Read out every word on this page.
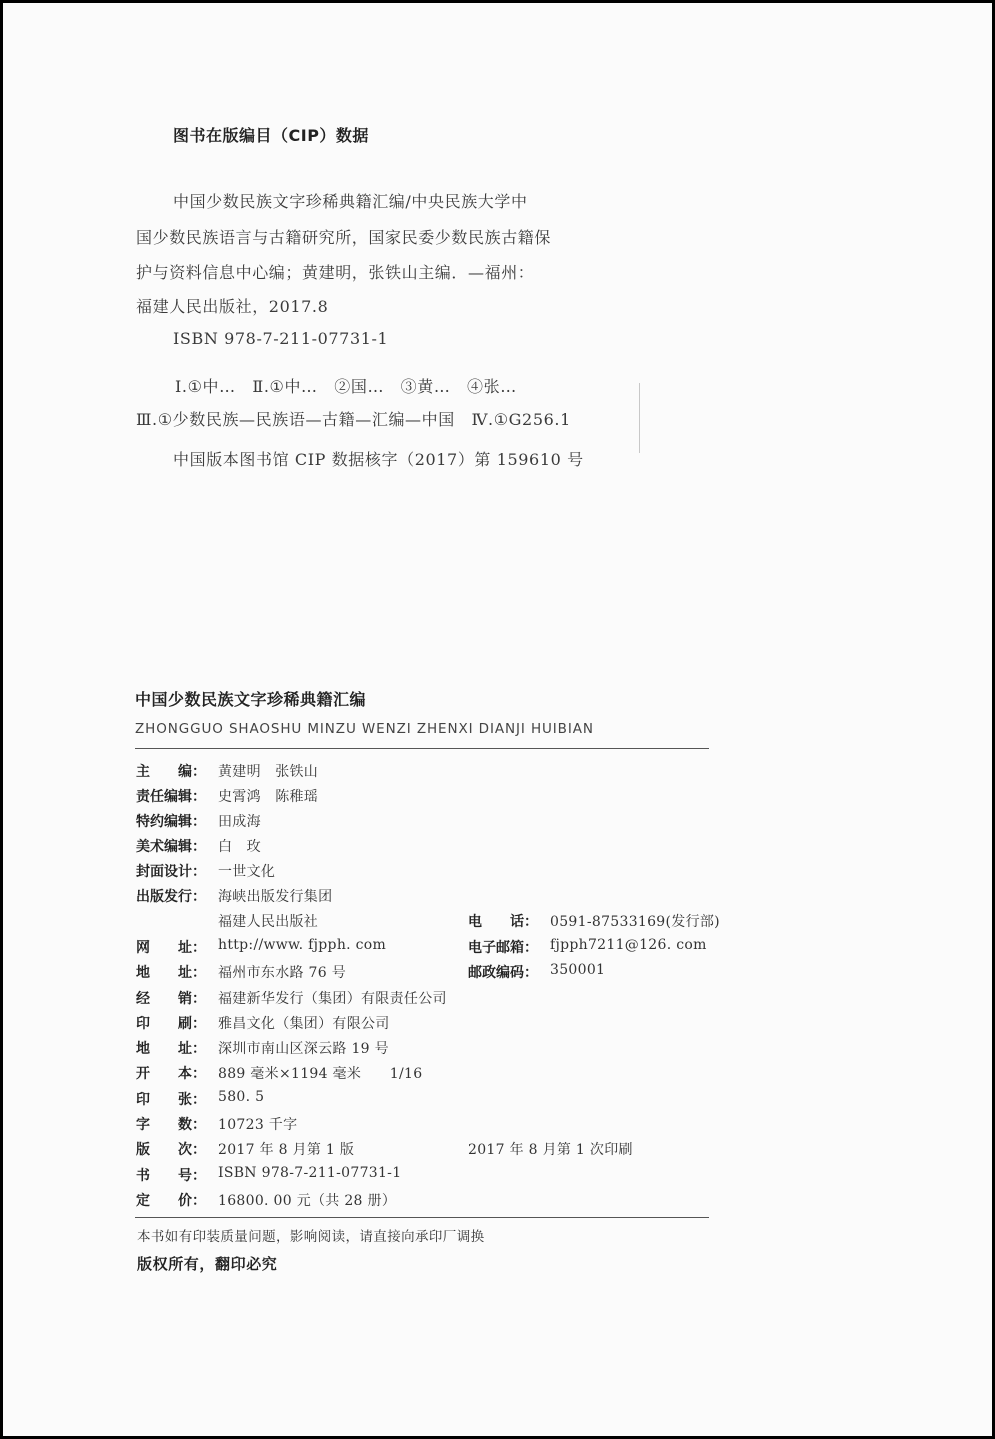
图书在版编目（CIP）数据
中国少数民族文字珍稀典籍汇编/中央民族大学中
国少数民族语言与古籍研究所，国家民委少数民族古籍保
护与资料信息中心编；黄建明，张铁山主编．—福州：
福建人民出版社，2017.8
ISBN 978-7-211-07731-1
Ⅰ.①中…　Ⅱ.①中…　②国…　③黄…　④张…
Ⅲ.①少数民族—民族语—古籍—汇编—中国　Ⅳ.①G256.1
中国版本图书馆 CIP 数据核字（2017）第 159610 号
中国少数民族文字珍稀典籍汇编
ZHONGGUO SHAOSHU MINZU WENZI ZHENXI DIANJI HUIBIAN
主　　编： 黄建明　张铁山
责任编辑： 史霄鸿　陈稚瑶
特约编辑： 田成海
美术编辑： 白　玫
封面设计： 一世文化
出版发行： 海峡出版发行集团
福建人民出版社	电　　话： 0591-87533169(发行部)
网　　址： http://www. fjpph. com	电子邮箱： fjpph7211@126. com
地　　址： 福州市东水路 76 号	邮政编码： 350001
经　　销： 福建新华发行（集团）有限责任公司
印　　刷： 雅昌文化（集团）有限公司
地　　址： 深圳市南山区深云路 19 号
开　　本： 889 毫米×1194 毫米　　1/16
印　　张： 580. 5
字　　数： 10723 千字
版　　次： 2017 年 8 月第 1 版	2017 年 8 月第 1 次印刷
书　　号： ISBN 978-7-211-07731-1
定　　价： 16800. 00 元（共 28 册）
本书如有印装质量问题，影响阅读，请直接向承印厂调换
版权所有，翻印必究
